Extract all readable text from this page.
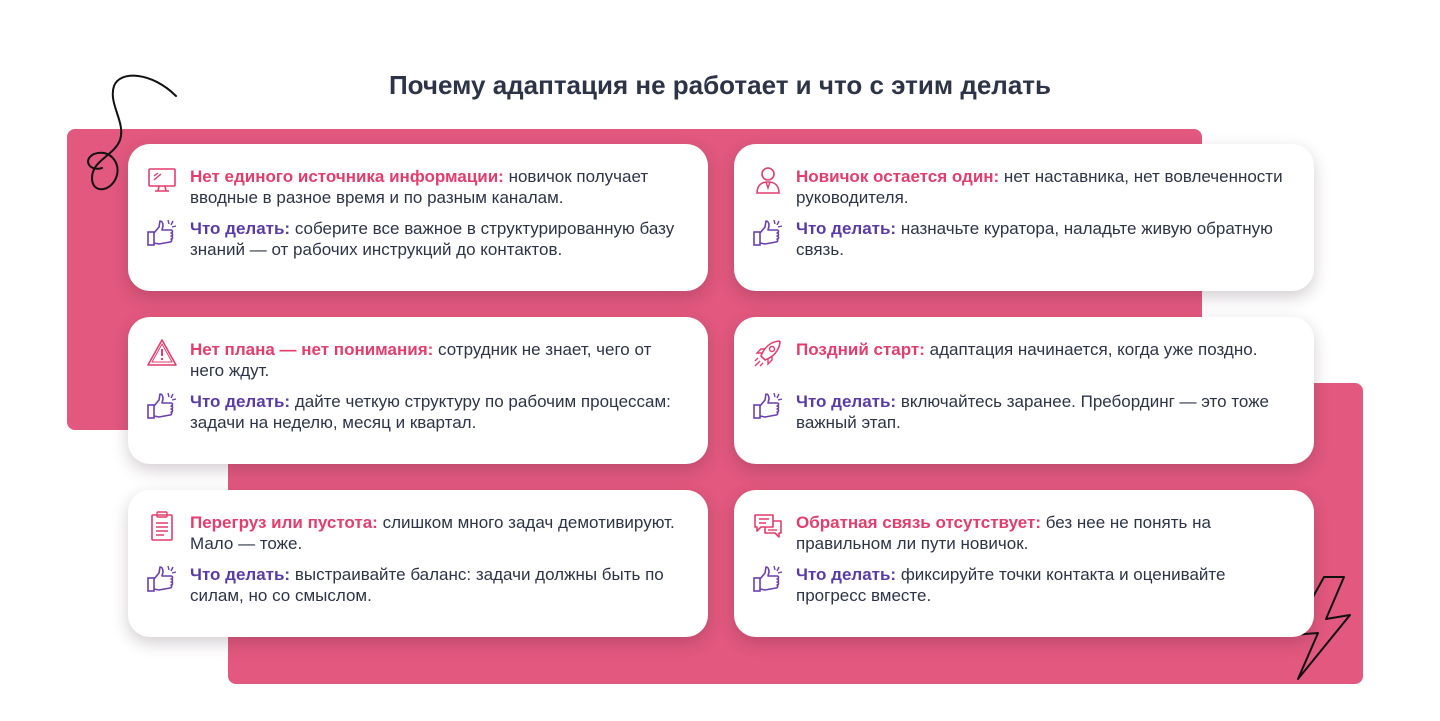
Почему адаптация не работает и что с этим делать
Нет единого источника информации: новичок получает вводные в разное время и по разным каналам.
Что делать: соберите все важное в структурированную базу знаний — от рабочих инструкций до контактов.
Новичок остается один: нет наставника, нет вовлеченности руководителя.
Что делать: назначьте куратора, наладьте живую обратную связь.
Нет плана — нет понимания: сотрудник не знает, чего от него ждут.
Что делать: дайте четкую структуру по рабочим процессам: задачи на неделю, месяц и квартал.
Поздний старт: адаптация начинается, когда уже поздно.
Что делать: включайтесь заранее. Пребординг — это тоже важный этап.
Перегруз или пустота: слишком много задач демотивируют. Мало — тоже.
Что делать: выстраивайте баланс: задачи должны быть по силам, но со смыслом.
Обратная связь отсутствует: без нее не понять на правильном ли пути новичок.
Что делать: фиксируйте точки контакта и оценивайте прогресс вместе.
